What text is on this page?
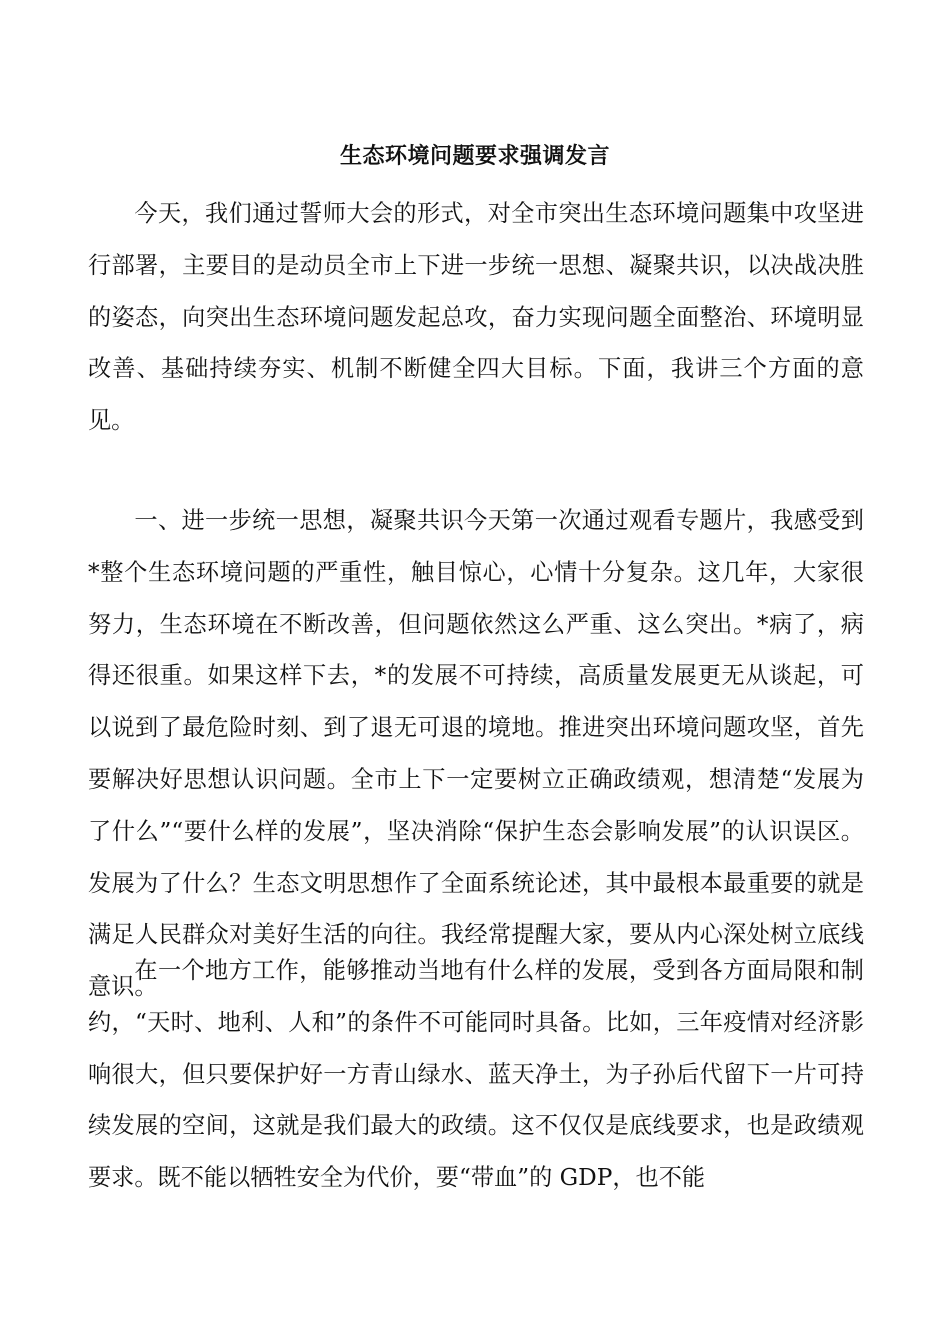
生态环境问题要求强调发言

今天，我们通过誓师大会的形式，对全市突出生态环境问题集中攻坚进行部署，主要目的是动员全市上下进一步统一思想、凝聚共识，以决战决胜的姿态，向突出生态环境问题发起总攻，奋力实现问题全面整治、环境明显改善、基础持续夯实、机制不断健全四大目标。下面，我讲三个方面的意见。

一、进一步统一思想，凝聚共识今天第一次通过观看专题片，我感受到*整个生态环境问题的严重性，触目惊心，心情十分复杂。这几年，大家很努力，生态环境在不断改善，但问题依然这么严重、这么突出。*病了，病得还很重。如果这样下去，*的发展不可持续，高质量发展更无从谈起，可以说到了最危险时刻、到了退无可退的境地。推进突出环境问题攻坚，首先要解决好思想认识问题。全市上下一定要树立正确政绩观，想清楚“发展为了什么”“要什么样的发展”，坚决消除“保护生态会影响发展”的认识误区。发展为了什么？生态文明思想作了全面系统论述，其中最根本最重要的就是满足人民群众对美好生活的向往。我经常提醒大家，要从内心深处树立底线意识。

在一个地方工作，能够推动当地有什么样的发展，受到各方面局限和制约，“天时、地利、人和”的条件不可能同时具备。比如，三年疫情对经济影响很大，但只要保护好一方青山绿水、蓝天净土，为子孙后代留下一片可持续发展的空间，这就是我们最大的政绩。这不仅仅是底线要求，也是政绩观要求。既不能以牺牲安全为代价，要“带血”的 GDP，也不能
